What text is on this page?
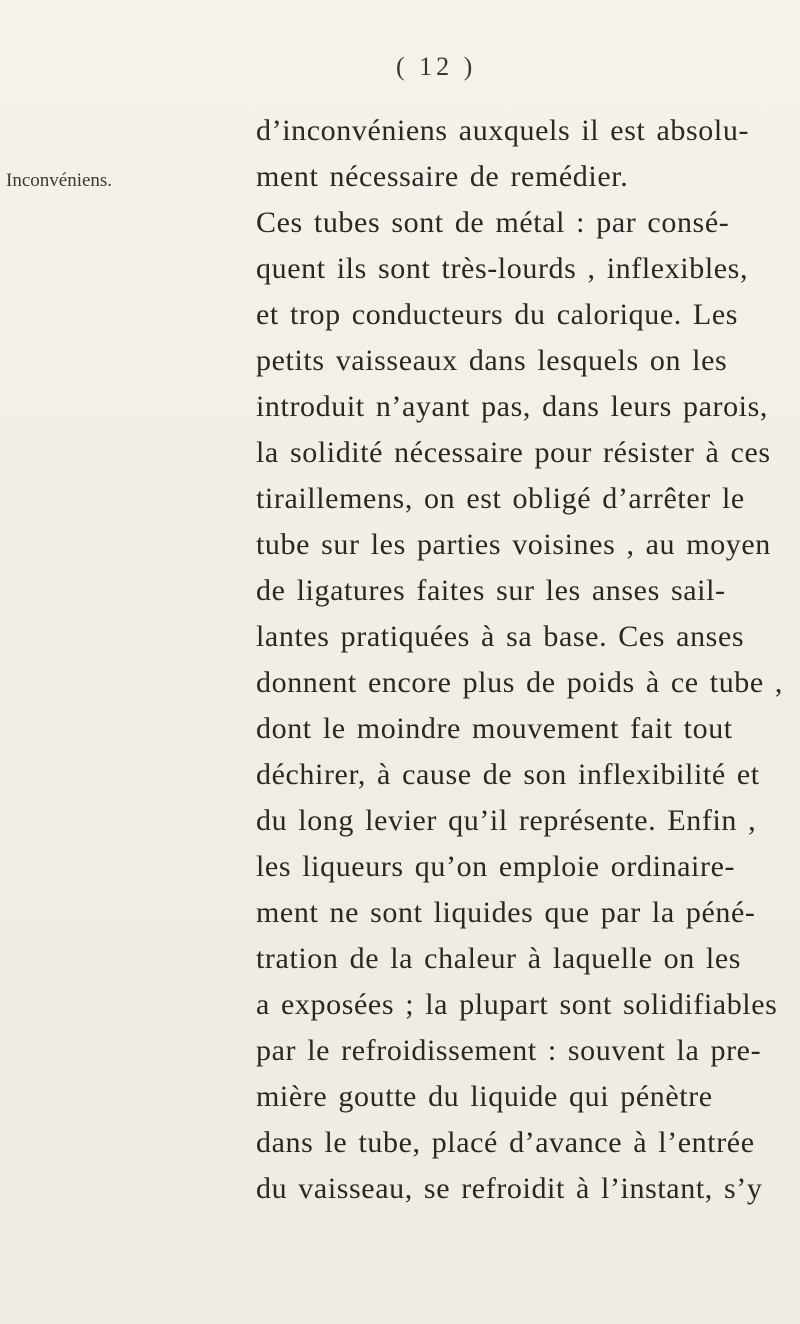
( 12 )
Inconvéniens.
d’inconvéniens auxquels il est absolu-
ment nécessaire de remédier.
Ces tubes sont de métal : par consé-
quent ils sont très-lourds , inflexibles,
et trop conducteurs du calorique. Les
petits vaisseaux dans lesquels on les
introduit n’ayant pas, dans leurs parois,
la solidité nécessaire pour résister à ces
tiraillemens, on est obligé d’arrêter le
tube sur les parties voisines , au moyen
de ligatures faites sur les anses sail-
lantes pratiquées à sa base. Ces anses
donnent encore plus de poids à ce tube ,
dont le moindre mouvement fait tout
déchirer, à cause de son inflexibilité et
du long levier qu’il représente. Enfin ,
les liqueurs qu’on emploie ordinaire-
ment ne sont liquides que par la péné-
tration de la chaleur à laquelle on les
a exposées ; la plupart sont solidifiables
par le refroidissement : souvent la pre-
mière goutte du liquide qui pénètre
dans le tube, placé d’avance à l’entrée
du vaisseau, se refroidit à l’instant, s’y
